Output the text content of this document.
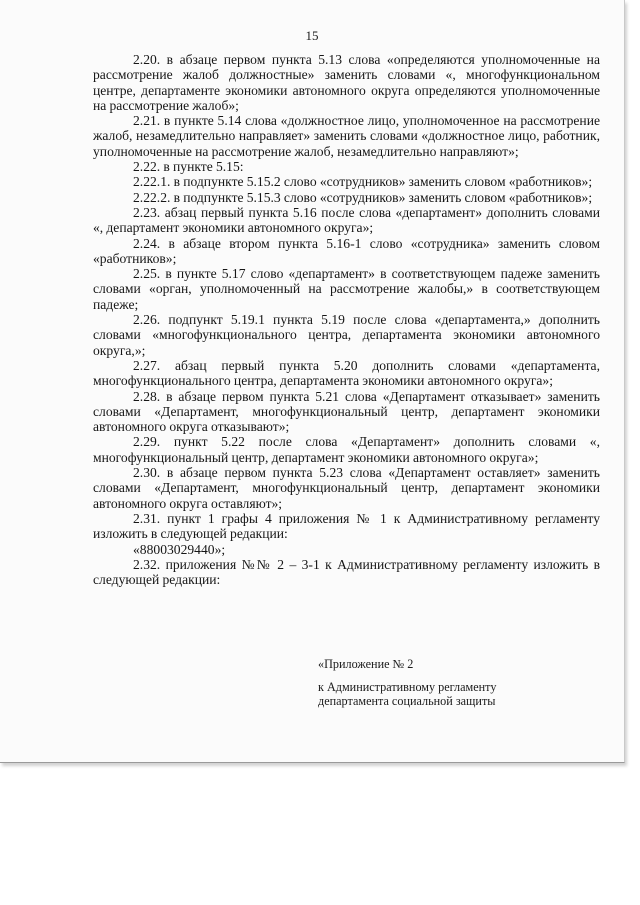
15

2.20. в абзаце первом пункта 5.13 слова «определяются уполномоченные на рассмотрение жалоб должностные» заменить словами «, многофункциональном центре, департаменте экономики автономного округа определяются уполномоченные на рассмотрение жалоб»;

2.21. в пункте 5.14 слова «должностное лицо, уполномоченное на рассмотрение жалоб, незамедлительно направляет» заменить словами «должностное лицо, работник, уполномоченные на рассмотрение жалоб, незамедлительно направляют»;

2.22. в пункте 5.15:

2.22.1. в подпункте 5.15.2 слово «сотрудников» заменить словом «работников»;

2.22.2. в подпункте 5.15.3 слово «сотрудников» заменить словом «работников»;

2.23. абзац первый пункта 5.16 после слова «департамент» дополнить словами «, департамент экономики автономного округа»;

2.24. в абзаце втором пункта 5.16-1 слово «сотрудника» заменить словом «работников»;

2.25. в пункте 5.17 слово «департамент» в соответствующем падеже заменить словами «орган, уполномоченный на рассмотрение жалобы,» в соответствующем падеже;

2.26. подпункт 5.19.1 пункта 5.19 после слова «департамента,» дополнить словами «многофункционального центра, департамента экономики автономного округа,»;

2.27. абзац первый пункта 5.20 дополнить словами «департамента, многофункционального центра, департамента экономики автономного округа»;

2.28. в абзаце первом пункта 5.21 слова «Департамент отказывает» заменить словами «Департамент, многофункциональный центр, департамент экономики автономного округа отказывают»;

2.29. пункт 5.22 после слова «Департамент» дополнить словами «, многофункциональный центр, департамент экономики автономного округа»;

2.30. в абзаце первом пункта 5.23 слова «Департамент оставляет» заменить словами «Департамент, многофункциональный центр, департамент экономики автономного округа оставляют»;

2.31. пункт 1 графы 4 приложения № 1 к Административному регламенту изложить в следующей редакции:

«88003029440»;

2.32. приложения №№ 2 – 3-1 к Административному регламенту изложить в следующей редакции:

«Приложение № 2
к Административному регламенту
департамента социальной защиты
